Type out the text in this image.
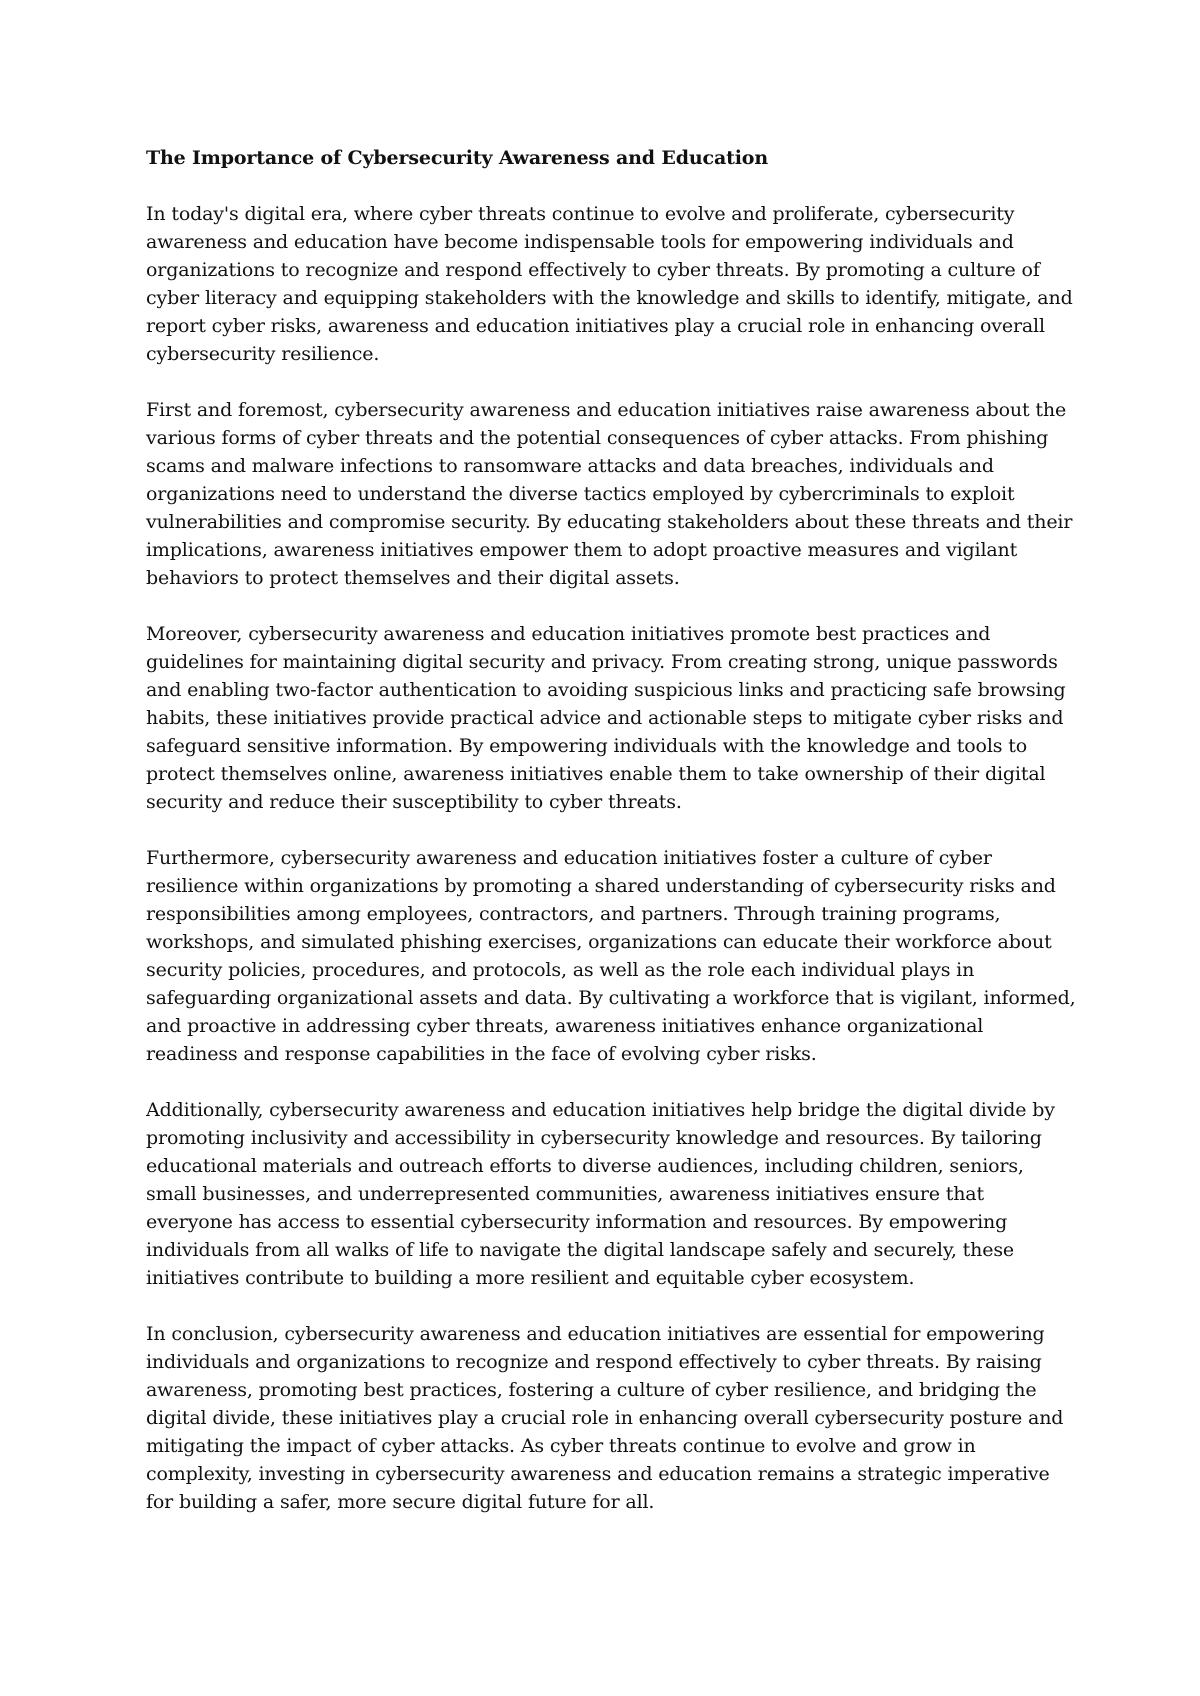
The Importance of Cybersecurity Awareness and Education

In today's digital era, where cyber threats continue to evolve and proliferate, cybersecurity awareness and education have become indispensable tools for empowering individuals and organizations to recognize and respond effectively to cyber threats. By promoting a culture of cyber literacy and equipping stakeholders with the knowledge and skills to identify, mitigate, and report cyber risks, awareness and education initiatives play a crucial role in enhancing overall cybersecurity resilience.

First and foremost, cybersecurity awareness and education initiatives raise awareness about the various forms of cyber threats and the potential consequences of cyber attacks. From phishing scams and malware infections to ransomware attacks and data breaches, individuals and organizations need to understand the diverse tactics employed by cybercriminals to exploit vulnerabilities and compromise security. By educating stakeholders about these threats and their implications, awareness initiatives empower them to adopt proactive measures and vigilant behaviors to protect themselves and their digital assets.

Moreover, cybersecurity awareness and education initiatives promote best practices and guidelines for maintaining digital security and privacy. From creating strong, unique passwords and enabling two-factor authentication to avoiding suspicious links and practicing safe browsing habits, these initiatives provide practical advice and actionable steps to mitigate cyber risks and safeguard sensitive information. By empowering individuals with the knowledge and tools to protect themselves online, awareness initiatives enable them to take ownership of their digital security and reduce their susceptibility to cyber threats.

Furthermore, cybersecurity awareness and education initiatives foster a culture of cyber resilience within organizations by promoting a shared understanding of cybersecurity risks and responsibilities among employees, contractors, and partners. Through training programs, workshops, and simulated phishing exercises, organizations can educate their workforce about security policies, procedures, and protocols, as well as the role each individual plays in safeguarding organizational assets and data. By cultivating a workforce that is vigilant, informed, and proactive in addressing cyber threats, awareness initiatives enhance organizational readiness and response capabilities in the face of evolving cyber risks.

Additionally, cybersecurity awareness and education initiatives help bridge the digital divide by promoting inclusivity and accessibility in cybersecurity knowledge and resources. By tailoring educational materials and outreach efforts to diverse audiences, including children, seniors, small businesses, and underrepresented communities, awareness initiatives ensure that everyone has access to essential cybersecurity information and resources. By empowering individuals from all walks of life to navigate the digital landscape safely and securely, these initiatives contribute to building a more resilient and equitable cyber ecosystem.

In conclusion, cybersecurity awareness and education initiatives are essential for empowering individuals and organizations to recognize and respond effectively to cyber threats. By raising awareness, promoting best practices, fostering a culture of cyber resilience, and bridging the digital divide, these initiatives play a crucial role in enhancing overall cybersecurity posture and mitigating the impact of cyber attacks. As cyber threats continue to evolve and grow in complexity, investing in cybersecurity awareness and education remains a strategic imperative for building a safer, more secure digital future for all.
